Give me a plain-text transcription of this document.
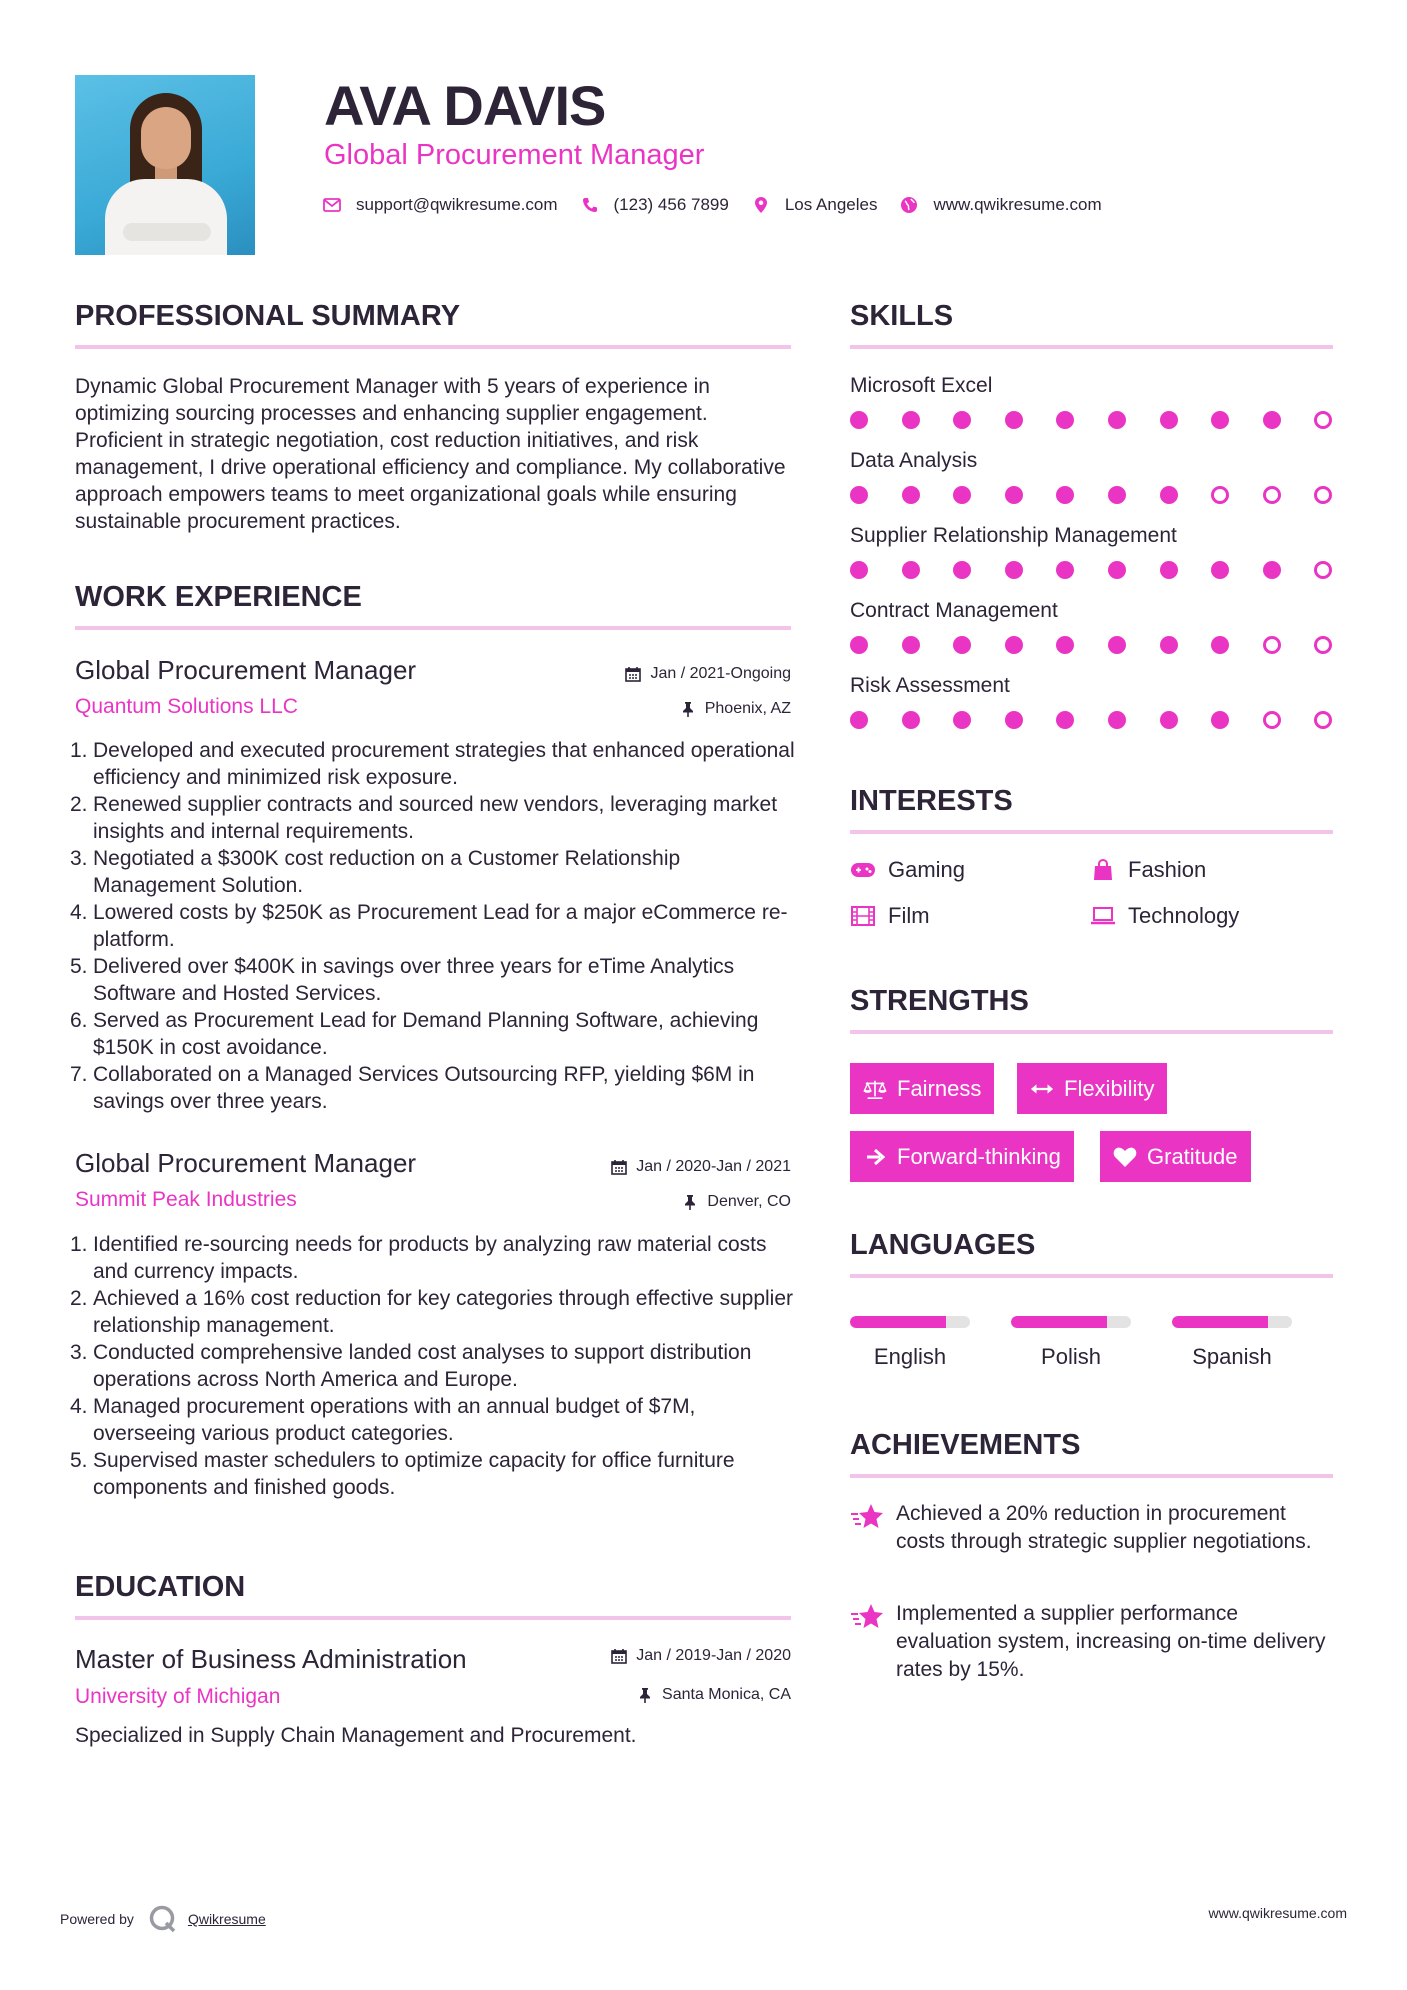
AVA DAVIS
Global Procurement Manager
support@qwikresume.com	(123) 456 7899	Los Angeles	www.qwikresume.com
PROFESSIONAL SUMMARY
Dynamic Global Procurement Manager with 5 years of experience in optimizing sourcing processes and enhancing supplier engagement. Proficient in strategic negotiation, cost reduction initiatives, and risk management, I drive operational efficiency and compliance. My collaborative approach empowers teams to meet organizational goals while ensuring sustainable procurement practices.
WORK EXPERIENCE
Global Procurement Manager	Jan / 2021-Ongoing
Quantum Solutions LLC	Phoenix, AZ
1. Developed and executed procurement strategies that enhanced operational efficiency and minimized risk exposure.
2. Renewed supplier contracts and sourced new vendors, leveraging market insights and internal requirements.
3. Negotiated a $300K cost reduction on a Customer Relationship Management Solution.
4. Lowered costs by $250K as Procurement Lead for a major eCommerce re-platform.
5. Delivered over $400K in savings over three years for eTime Analytics Software and Hosted Services.
6. Served as Procurement Lead for Demand Planning Software, achieving $150K in cost avoidance.
7. Collaborated on a Managed Services Outsourcing RFP, yielding $6M in savings over three years.
Global Procurement Manager	Jan / 2020-Jan / 2021
Summit Peak Industries	Denver, CO
1. Identified re-sourcing needs for products by analyzing raw material costs and currency impacts.
2. Achieved a 16% cost reduction for key categories through effective supplier relationship management.
3. Conducted comprehensive landed cost analyses to support distribution operations across North America and Europe.
4. Managed procurement operations with an annual budget of $7M, overseeing various product categories.
5. Supervised master schedulers to optimize capacity for office furniture components and finished goods.
EDUCATION
Master of Business Administration	Jan / 2019-Jan / 2020
University of Michigan	Santa Monica, CA
Specialized in Supply Chain Management and Procurement.
SKILLS
Microsoft Excel
Data Analysis
Supplier Relationship Management
Contract Management
Risk Assessment
INTERESTS
Gaming	Fashion
Film	Technology
STRENGTHS
Fairness	Flexibility
Forward-thinking	Gratitude
LANGUAGES
English	Polish	Spanish
ACHIEVEMENTS
Achieved a 20% reduction in procurement costs through strategic supplier negotiations.
Implemented a supplier performance evaluation system, increasing on-time delivery rates by 15%.
Powered by	Qwikresume	www.qwikresume.com
